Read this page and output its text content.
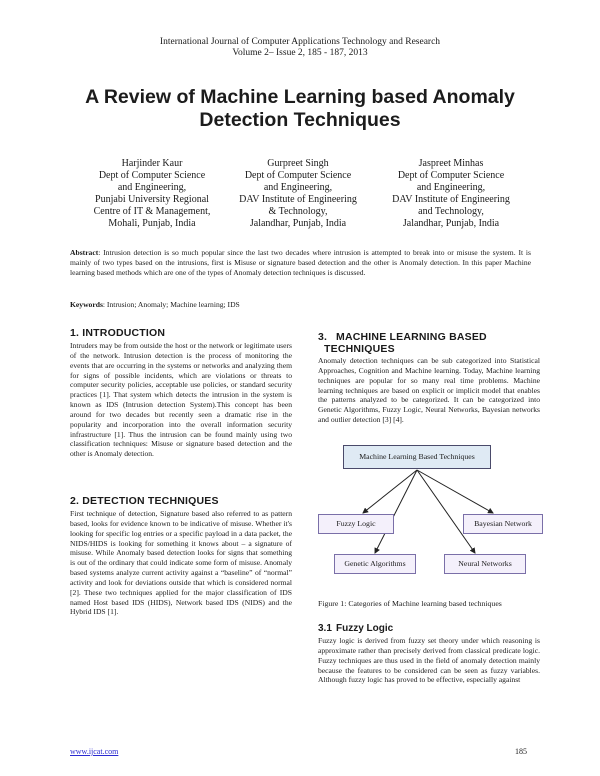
International Journal of Computer Applications Technology and Research
Volume 2– Issue 2, 185 - 187, 2013
A Review of Machine Learning based Anomaly
Detection Techniques
Harjinder Kaur
Dept of Computer Science
and Engineering,
Punjabi University Regional
Centre of IT & Management,
Mohali, Punjab, India
Gurpreet Singh
Dept of Computer Science
and Engineering,
DAV Institute of Engineering
& Technology,
Jalandhar, Punjab, India
Jaspreet Minhas
Dept of Computer Science
and Engineering,
DAV Institute of Engineering
and Technology,
Jalandhar, Punjab, India
Abstract: Intrusion detection is so much popular since the last two decades where intrusion is attempted to break into or misuse the system. It is mainly of two types based on the intrusions, first is Misuse or signature based detection and the other is Anomaly detection. In this paper Machine learning based methods which are one of the types of Anomaly detection techniques is discussed.
Keywords: Intrusion; Anomaly; Machine learning; IDS
1. INTRODUCTION
Intruders may be from outside the host or the network or legitimate users of the network. Intrusion detection is the process of monitoring the events that are occurring in the systems or networks and analyzing them for signs of possible incidents, which are violations or threats to computer security policies, acceptable use policies, or standard security practices [1]. That system which detects the intrusion in the system is known as IDS (Intrusion detection System).This concept has been around for two decades but recently seen a dramatic rise in the popularity and incorporation into the overall information security infrastructure [1]. Thus the intrusion can be found mainly using two classification techniques: Misuse or signature based detection and the other is Anomaly detection.
2. DETECTION TECHNIQUES
First technique of detection, Signature based also referred to as pattern based, looks for evidence known to be indicative of misuse. Whether it's looking for specific log entries or a specific payload in a data packet, the NIDS/HIDS is looking for something it knows about – a signature of misuse. While Anomaly based detection looks for signs that something is out of the ordinary that could indicate some form of misuse. Anomaly based systems analyze current activity against a “baseline” of “normal” activity and look for deviations outside that which is considered normal [2]. These two techniques applied for the major classification of IDS named Host based IDS (HIDS), Network based IDS (NIDS) and the Hybrid IDS [1].
3. MACHINE LEARNING BASED
TECHNIQUES
Anomaly detection techniques can be sub categorized into Statistical Approaches, Cognition and Machine learning. Today, Machine learning techniques are popular for so many real time problems. Machine learning techniques are based on explicit or implicit model that enables the patterns analyzed to be categorized. It can be categorized into Genetic Algorithms, Fuzzy Logic, Neural Networks, Bayesian networks and outlier detection [3] [4].
Machine Learning Based Techniques
Fuzzy Logic	Bayesian Network
Genetic Algorithms	Neural Networks
Figure 1: Categories of Machine learning based techniques
3.1 Fuzzy Logic
Fuzzy logic is derived from fuzzy set theory under which reasoning is approximate rather than precisely derived from classical predicate logic. Fuzzy techniques are thus used in the field of anomaly detection mainly because the features to be considered can be seen as fuzzy variables. Although fuzzy logic has proved to be effective, especially against
www.ijcat.com	185
